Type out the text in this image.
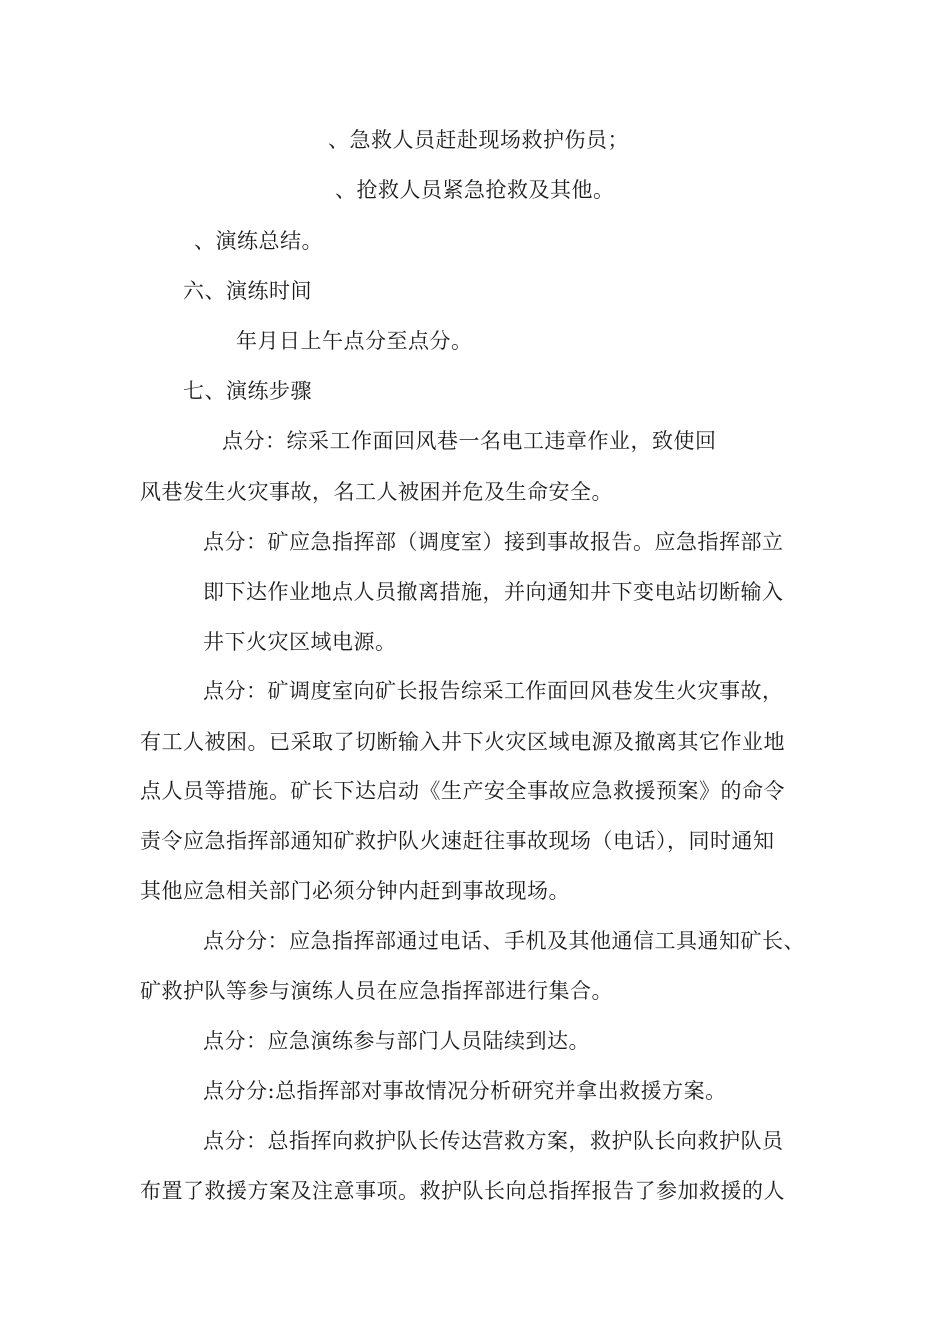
、急救人员赶赴现场救护伤员；
、抢救人员紧急抢救及其他。
、演练总结。
六、演练时间
年月日上午点分至点分。
七、演练步骤
点分：综采工作面回风巷一名电工违章作业，致使回
风巷发生火灾事故，名工人被困并危及生命安全。
点分：矿应急指挥部（调度室）接到事故报告。应急指挥部立
即下达作业地点人员撤离措施，并向通知井下变电站切断输入
井下火灾区域电源。
点分：矿调度室向矿长报告综采工作面回风巷发生火灾事故，
有工人被困。已采取了切断输入井下火灾区域电源及撤离其它作业地
点人员等措施。矿长下达启动《生产安全事故应急救援预案》的命令
责令应急指挥部通知矿救护队火速赶往事故现场（电话），同时通知
其他应急相关部门必须分钟内赶到事故现场。
点分分：应急指挥部通过电话、手机及其他通信工具通知矿长、
矿救护队等参与演练人员在应急指挥部进行集合。
点分：应急演练参与部门人员陆续到达。
点分分:总指挥部对事故情况分析研究并拿出救援方案。
点分：总指挥向救护队长传达营救方案，救护队长向救护队员
布置了救援方案及注意事项。救护队长向总指挥报告了参加救援的人
